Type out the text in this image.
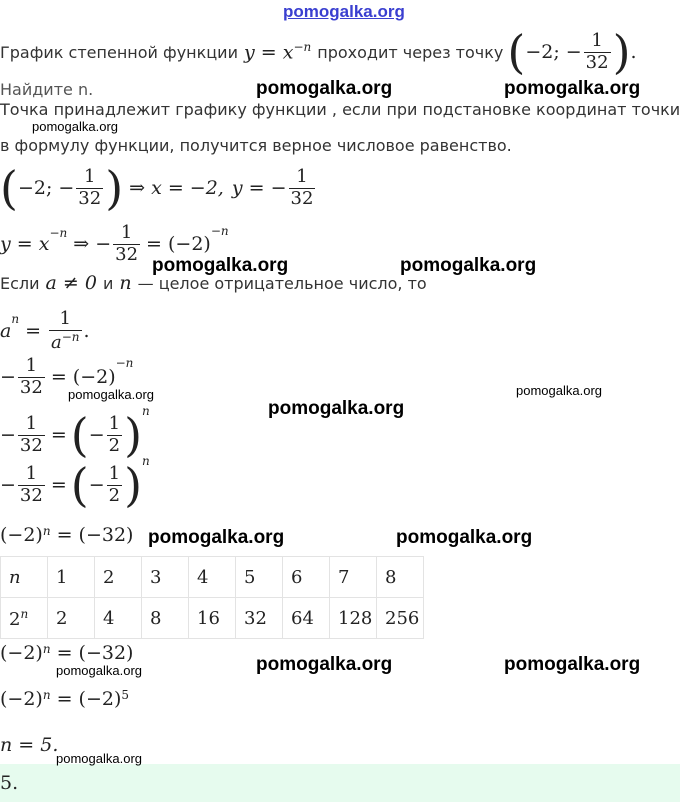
pomogalka.org
График степенной функции $y = x^{-n}$ проходит через точку ( −2; − $\frac{1}{32}$ ) .
Найдите n.
Точка принадлежит графику функции , если при подстановке координат точки
в формулу функции, получится верное числовое равенство.
( −2; − $\frac{1}{32}$ ) ⇒ x = −2, y = − $\frac{1}{32}$
$y = x^{-n}$ ⇒ − $\frac{1}{32} = (-2)$
$^{-n}$
Если a ≠ 0 и n — целое отрицательное число, то
a
$^n$
= $\frac{1}{a^{-n}}$ .
− $\frac{1}{32} = (-2)$
$^{-n}$
− $\frac{1}{32}$ = ( − $\frac{1}{2} )^n$
− $\frac{1}{32}$ = ( − $\frac{1}{2} )^n$
$(-2)^n = (-32)$
n	1	2	3	4	5	6	7	8
2$^n$	2	4	8	16	32	64	128	256
$(-2)^n = (-32)$
$(-2)^n = (-2)^5$
n = 5.
5.
pomogalka.org	pomogalka.org
pomogalka.org
pomogalka.org	pomogalka.org
pomogalka.org	pomogalka.org
pomogalka.org
pomogalka.org	pomogalka.org
pomogalka.org	pomogalka.org	pomogalka.org
pomogalka.org
